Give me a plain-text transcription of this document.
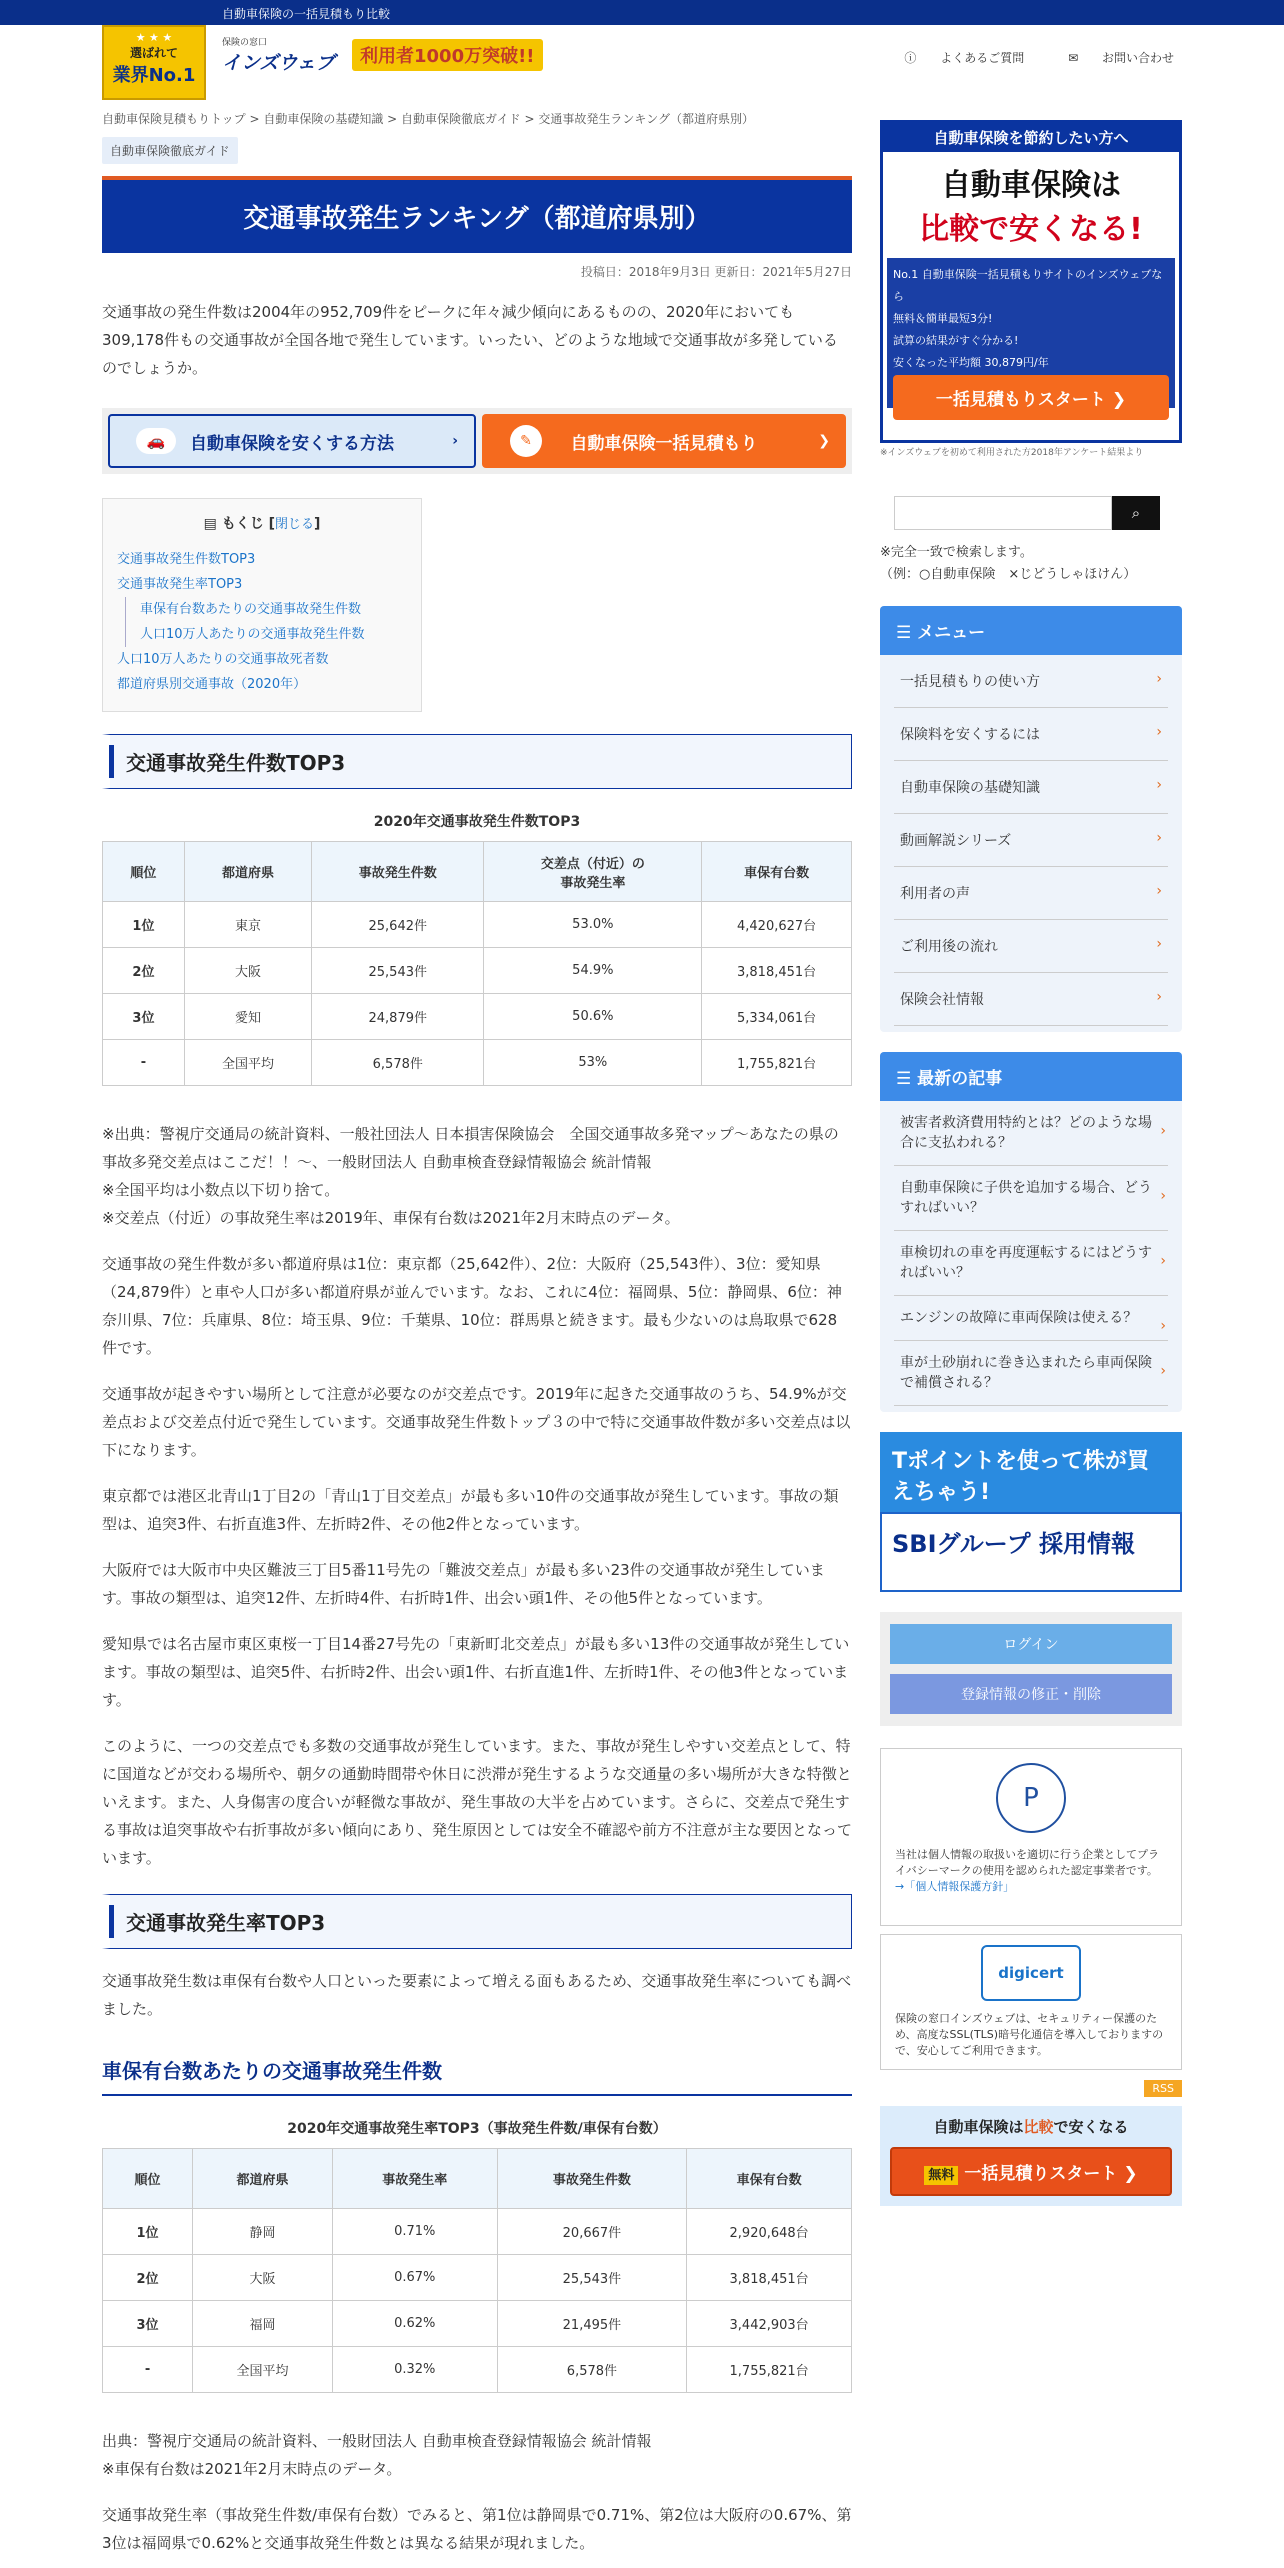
自動車保険の一括見積もり比較
★ ★ ★
選ばれて
業界No.1
保険の窓口
インズウェブ	利用者1000万突破!!	ⓘ よくあるご質問	✉ お問い合わせ
自動車保険見積もりトップ > 自動車保険の基礎知識 > 自動車保険徹底ガイド > 交通事故発生ランキング（都道府県別）
自動車保険徹底ガイド
交通事故発生ランキング（都道府県別）
投稿日：2018年9月3日 更新日：2021年5月27日

交通事故の発生件数は2004年の952,709件をピークに年々減少傾向にあるものの、2020年においても309,178件もの交通事故が全国各地で発生しています。いったい、どのような地域で交通事故が多発しているのでしょうか。

🚗	自動車保険を安くする方法	›	✎	自動車保険一括見積もり	❯
▤ もくじ [閉じる]
交通事故発生件数TOP3
交通事故発生率TOP3
車保有台数あたりの交通事故発生件数
人口10万人あたりの交通事故発生件数
人口10万人あたりの交通事故死者数
都道府県別交通事故（2020年）
交通事故発生件数TOP3
2020年交通事故発生件数TOP3
順位	都道府県	事故発生件数	交差点（付近）の
事故発生率	車保有台数
1位	東京	25,642件	53.0%	4,420,627台
2位	大阪	25,543件	54.9%	3,818,451台
3位	愛知	24,879件	50.6%	5,334,061台
-	全国平均	6,578件	53%	1,755,821台

※出典：警視庁交通局の統計資料、一般社団法人 日本損害保険協会　全国交通事故多発マップ～あなたの県の事故多発交差点はここだ！！～、一般財団法人 自動車検査登録情報協会 統計情報
※全国平均は小数点以下切り捨て。
※交差点（付近）の事故発生率は2019年、車保有台数は2021年2月末時点のデータ。

交通事故の発生件数が多い都道府県は1位：東京都（25,642件）、2位：大阪府（25,543件）、3位：愛知県（24,879件）と車や人口が多い都道府県が並んでいます。なお、これに4位：福岡県、5位：静岡県、6位：神奈川県、7位：兵庫県、8位：埼玉県、9位：千葉県、10位：群馬県と続きます。最も少ないのは鳥取県で628件です。

交通事故が起きやすい場所として注意が必要なのが交差点です。2019年に起きた交通事故のうち、54.9%が交差点および交差点付近で発生しています。交通事故発生件数トップ３の中で特に交通事故件数が多い交差点は以下になります。

東京都では港区北青山1丁目2の「青山1丁目交差点」が最も多い10件の交通事故が発生しています。事故の類型は、追突3件、右折直進3件、左折時2件、その他2件となっています。

大阪府では大阪市中央区難波三丁目5番11号先の「難波交差点」が最も多い23件の交通事故が発生しています。事故の類型は、追突12件、左折時4件、右折時1件、出会い頭1件、その他5件となっています。

愛知県では名古屋市東区東桜一丁目14番27号先の「東新町北交差点」が最も多い13件の交通事故が発生しています。事故の類型は、追突5件、右折時2件、出会い頭1件、右折直進1件、左折時1件、その他3件となっています。

このように、一つの交差点でも多数の交通事故が発生しています。また、事故が発生しやすい交差点として、特に国道などが交わる場所や、朝夕の通勤時間帯や休日に渋滞が発生するような交通量の多い場所が大きな特徴といえます。また、人身傷害の度合いが軽微な事故が、発生事故の大半を占めています。さらに、交差点で発生する事故は追突事故や右折事故が多い傾向にあり、発生原因としては安全不確認や前方不注意が主な要因となっています。

交通事故発生率TOP3

交通事故発生数は車保有台数や人口といった要素によって増える面もあるため、交通事故発生率についても調べました。

車保有台数あたりの交通事故発生件数
2020年交通事故発生率TOP3（事故発生件数/車保有台数）
順位	都道府県	事故発生率	事故発生件数	車保有台数
1位	静岡	0.71%	20,667件	2,920,648台
2位	大阪	0.67%	25,543件	3,818,451台
3位	福岡	0.62%	21,495件	3,442,903台
-	全国平均	0.32%	6,578件	1,755,821台

出典：警視庁交通局の統計資料、一般財団法人 自動車検査登録情報協会 統計情報
※車保有台数は2021年2月末時点のデータ。

交通事故発生率（事故発生件数/車保有台数）でみると、第1位は静岡県で0.71%、第2位は大阪府の0.67%、第3位は福岡県で0.62%と交通事故発生件数とは異なる結果が現れました。

自動車保険を節約したい方へ
自動車保険は
比較で安くなる!
No.1 自動車保険一括見積もりサイトのインズウェブなら
無料＆簡単最短3分!
試算の結果がすぐ分かる!
安くなった平均額 30,879円/年
一括見積もりスタート ❯
※インズウェブを初めて利用された方2018年アンケート結果より
⌕
※完全一致で検索します。
（例：○自動車保険　×じどうしゃほけん）
☰ メニュー
一括見積もりの使い方 ›
保険料を安くするには ›
自動車保険の基礎知識 ›
動画解説シリーズ ›
利用者の声 ›
ご利用後の流れ ›
保険会社情報 ›
☰ 最新の記事
被害者救済費用特約とは？どのような場合に支払われる？ ›
自動車保険に子供を追加する場合、どうすればいい？ ›
車検切れの車を再度運転するにはどうすればいい？ ›
エンジンの故障に車両保険は使える？ ›
車が土砂崩れに巻き込まれたら車両保険で補償される？ ›
Tポイントを使って株が買えちゃう!
SBIグループ 採用情報
ログイン
登録情報の修正・削除
P
当社は個人情報の取扱いを適切に行う企業としてプライバシーマークの使用を認められた認定事業者です。
→「個人情報保護方針」
digicert
保険の窓口インズウェブは、セキュリティー保護のため、高度なSSL(TLS)暗号化通信を導入しておりますので、安心してご利用できます。
RSS
自動車保険は比較で安くなる
無料 一括見積りスタート ❯
